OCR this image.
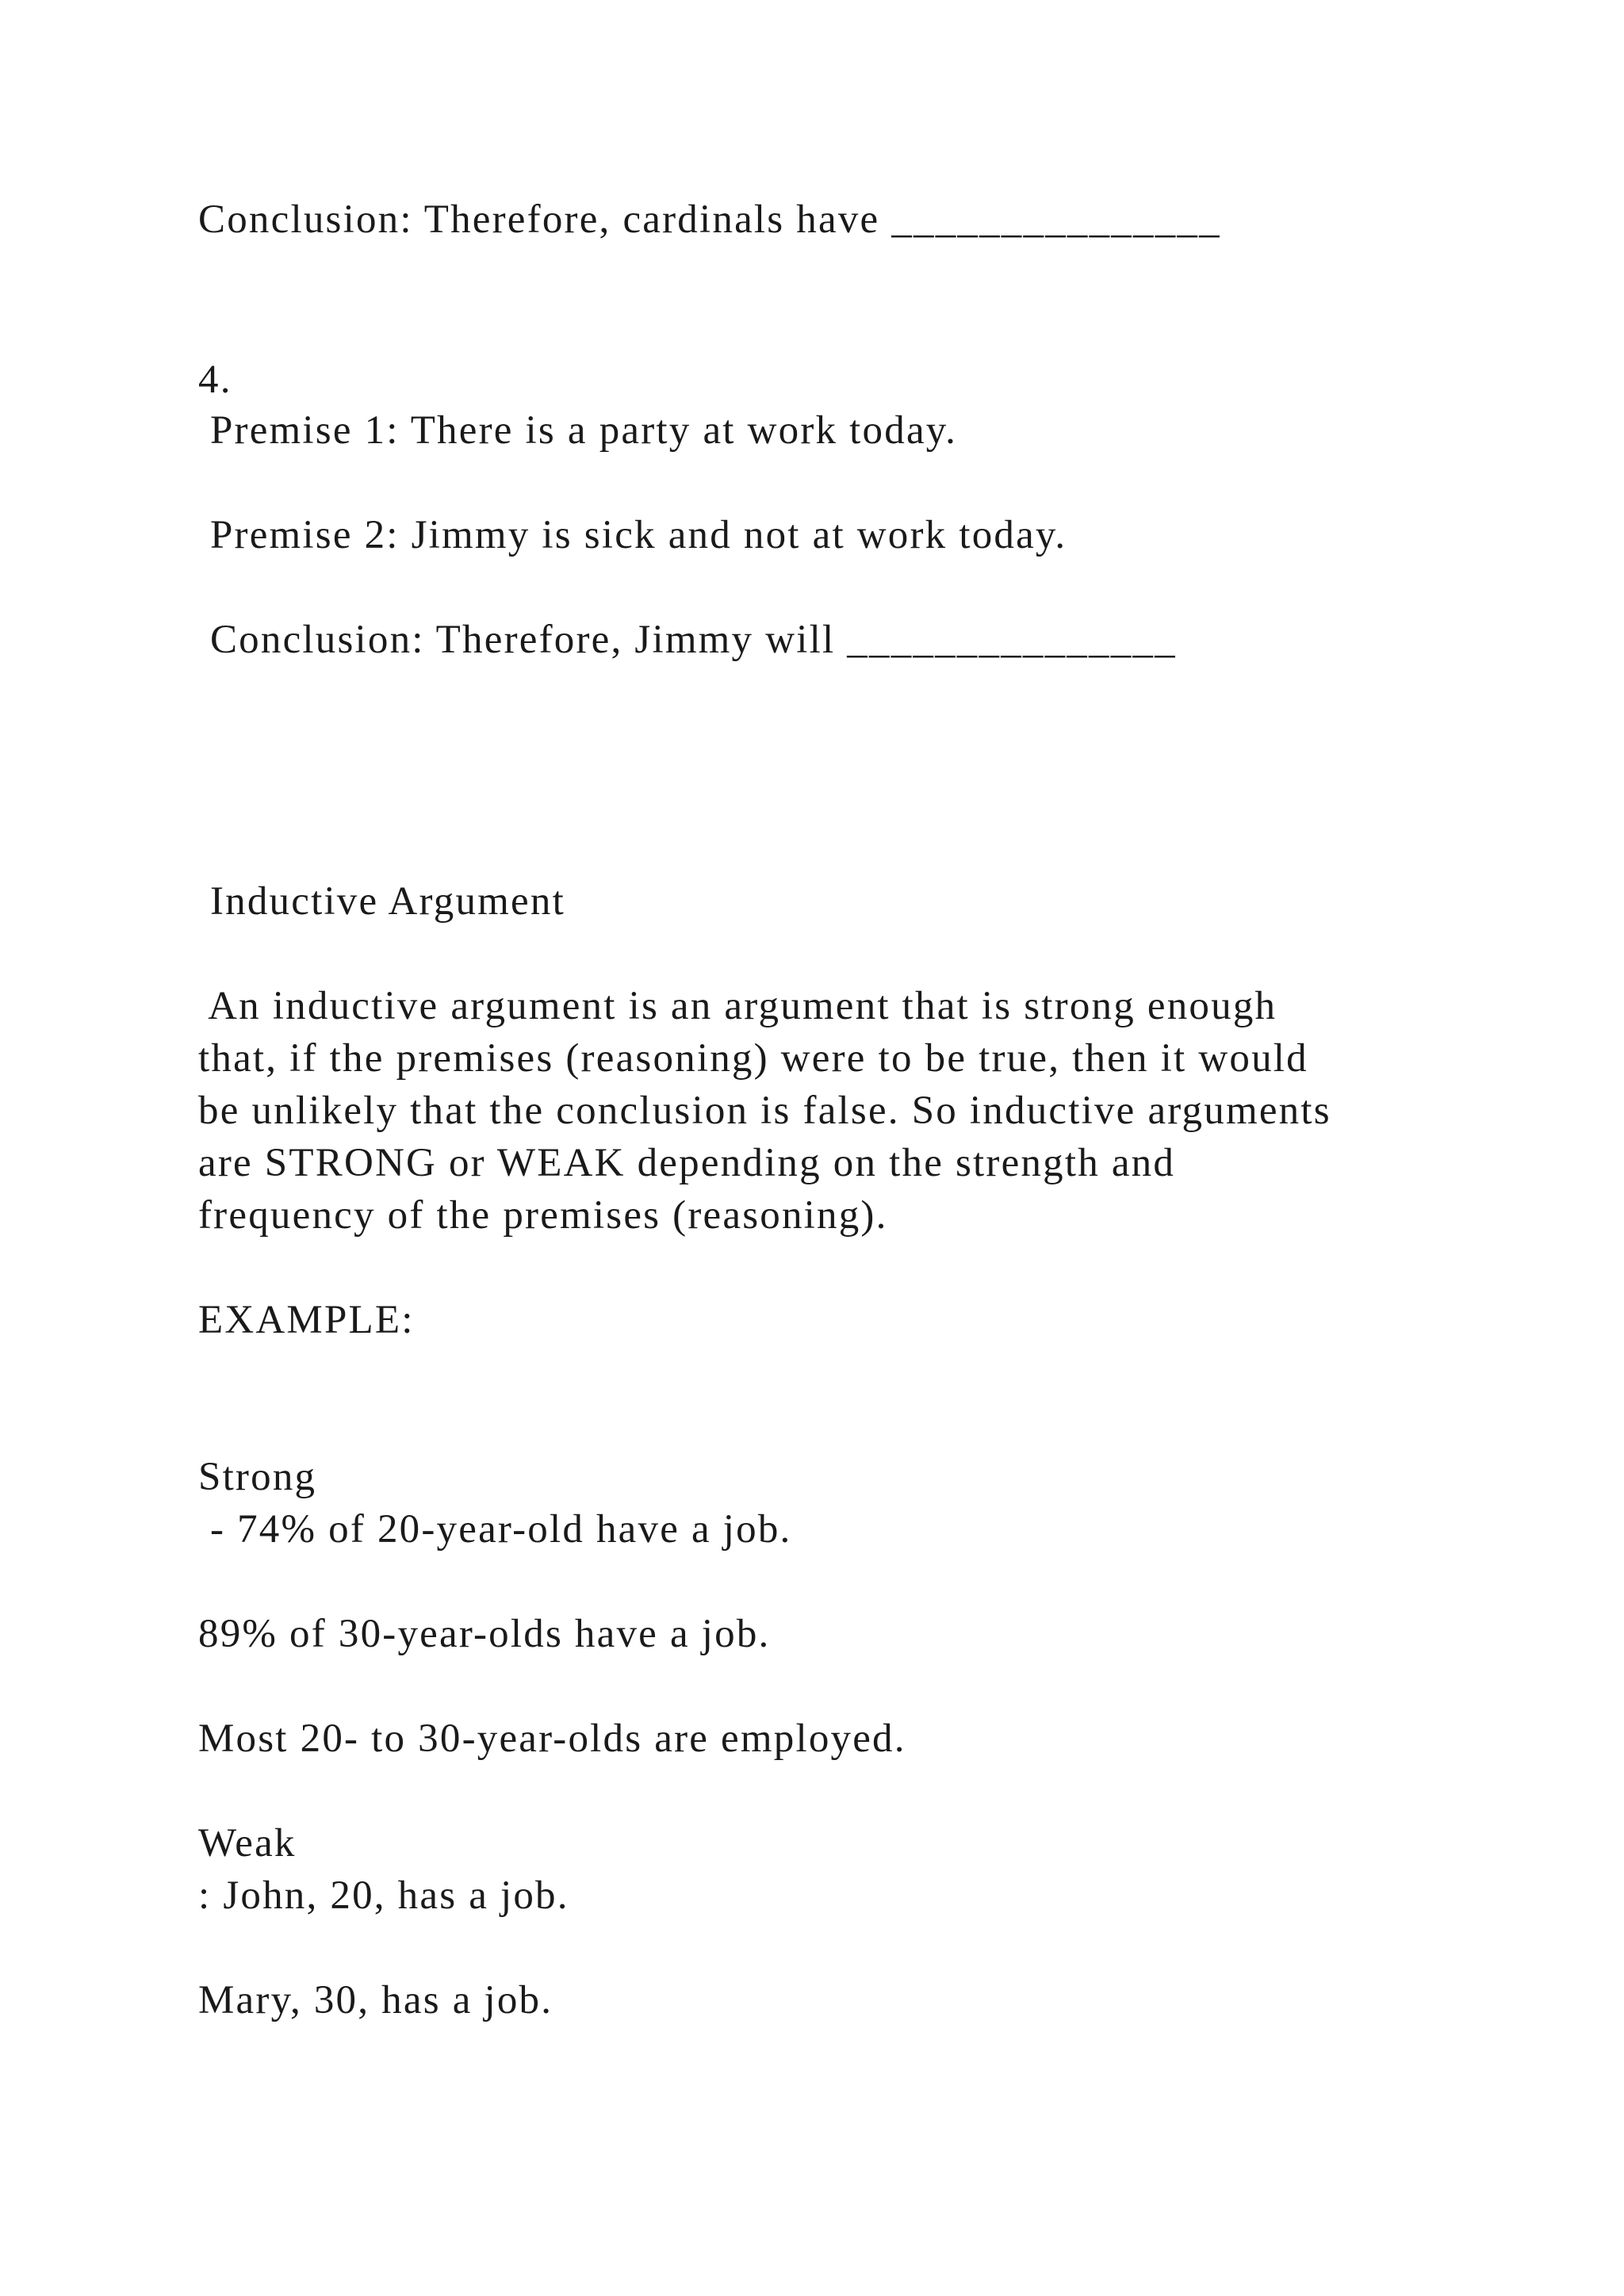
Conclusion: Therefore, cardinals have _______________
4.
Premise 1: There is a party at work today.
Premise 2: Jimmy is sick and not at work today.
Conclusion: Therefore, Jimmy will _______________
Inductive Argument
An inductive argument is an argument that is strong enough
that, if the premises (reasoning) were to be true, then it would
be unlikely that the conclusion is false. So inductive arguments
are STRONG or WEAK depending on the strength and
frequency of the premises (reasoning).
EXAMPLE:
Strong
- 74% of 20-year-old have a job.
89% of 30-year-olds have a job.
Most 20- to 30-year-olds are employed.
Weak
: John, 20, has a job.
Mary, 30, has a job.
